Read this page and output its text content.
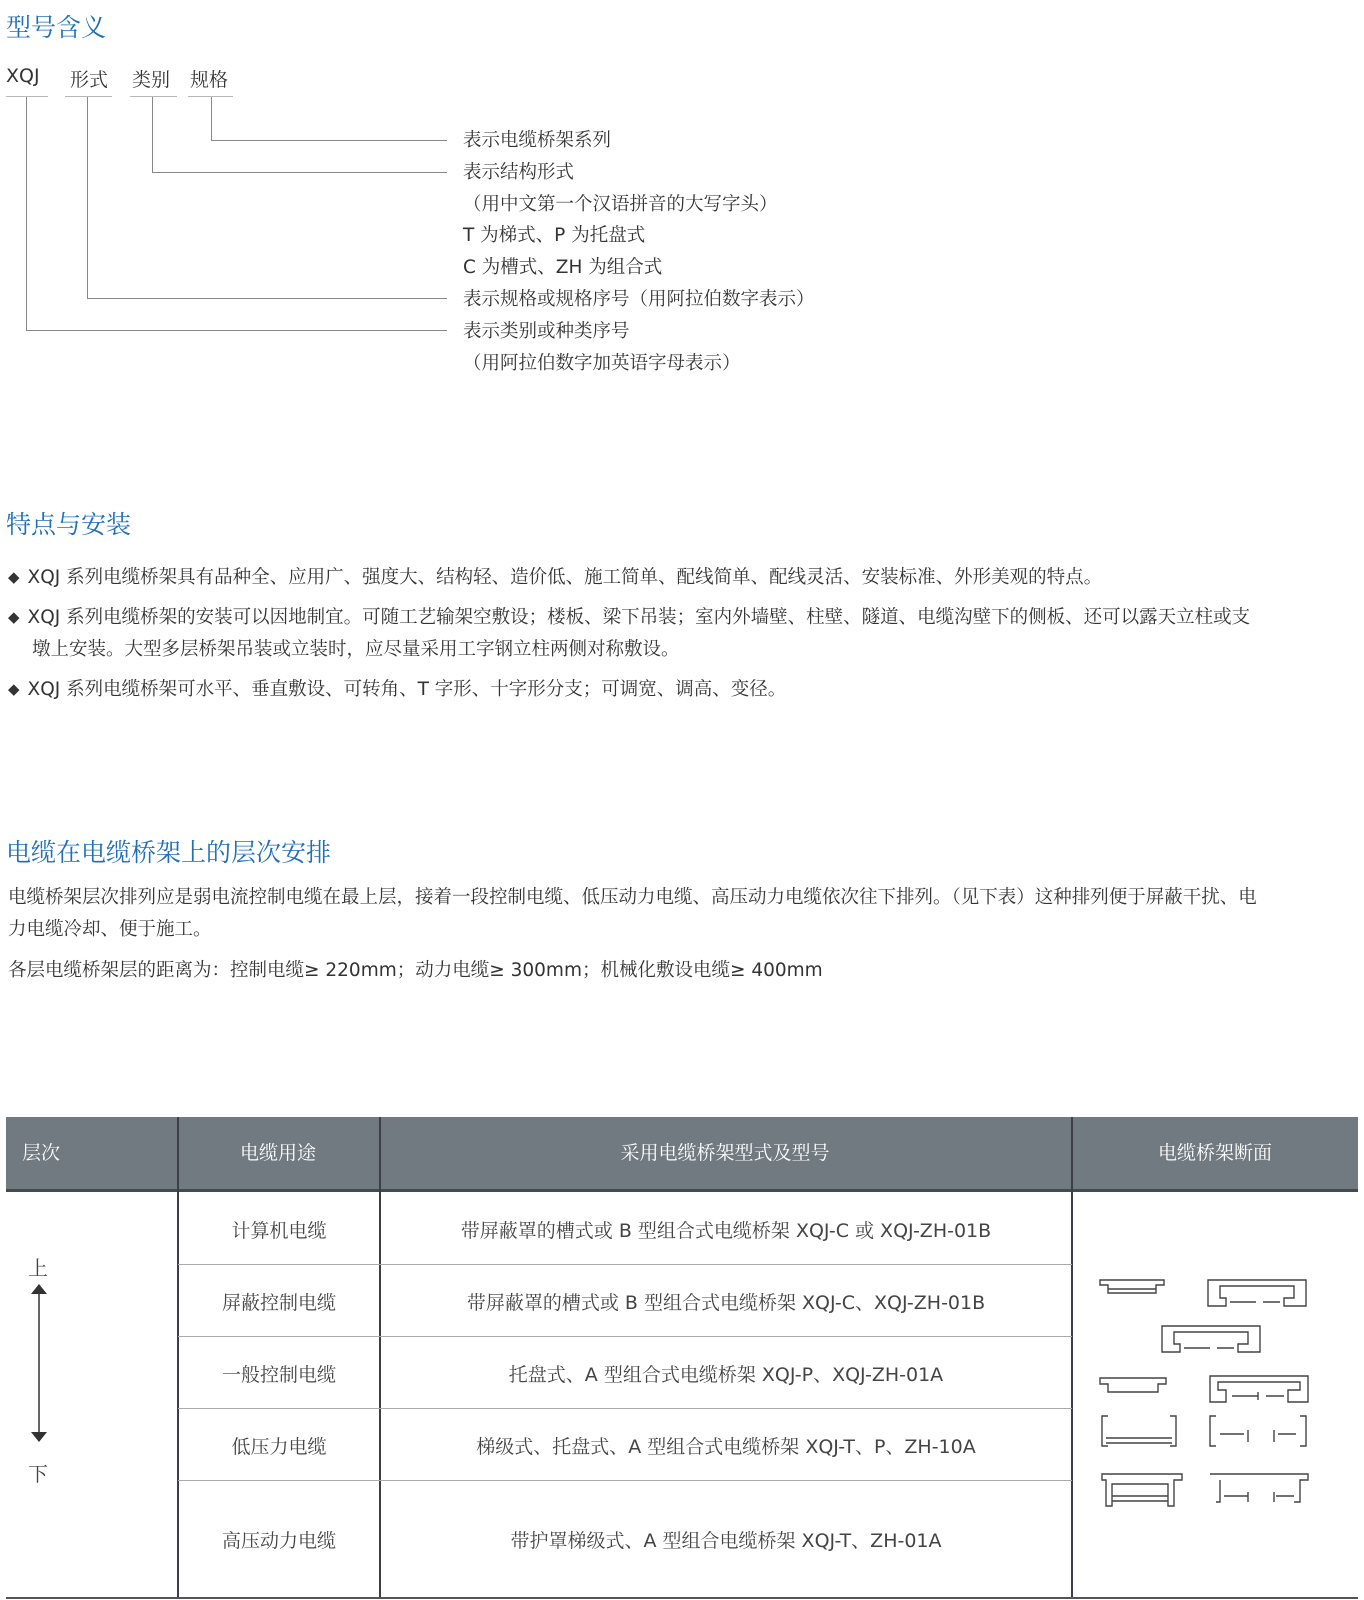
型号含义
XQJ 形式 类别 规格
表示电缆桥架系列
表示结构形式
（用中文第一个汉语拼音的大写字头）
T 为梯式、P 为托盘式
C 为槽式、ZH 为组合式
表示规格或规格序号（用阿拉伯数字表示）
表示类别或种类序号
（用阿拉伯数字加英语字母表示）
特点与安装
◆ XQJ 系列电缆桥架具有品种全、应用广、强度大、结构轻、造价低、施工简单、配线简单、配线灵活、安装标准、外形美观的特点。
◆ XQJ 系列电缆桥架的安装可以因地制宜。可随工艺输架空敷设；楼板、梁下吊装；室内外墙壁、柱壁、隧道、电缆沟壁下的侧板、还可以露天立柱或支
墩上安装。大型多层桥架吊装或立装时，应尽量采用工字钢立柱两侧对称敷设。
◆ XQJ 系列电缆桥架可水平、垂直敷设、可转角、T 字形、十字形分支；可调宽、调高、变径。
电缆在电缆桥架上的层次安排
电缆桥架层次排列应是弱电流控制电缆在最上层，接着一段控制电缆、低压动力电缆、高压动力电缆依次往下排列。（见下表）这种排列便于屏蔽干扰、电
力电缆冷却、便于施工。
各层电缆桥架层的距离为：控制电缆≥ 220mm；动力电缆≥ 300mm；机械化敷设电缆≥ 400mm
层次	电缆用途	采用电缆桥架型式及型号	电缆桥架断面
上
下
计算机电缆	带屏蔽罩的槽式或 B 型组合式电缆桥架 XQJ-C 或 XQJ-ZH-01B
屏蔽控制电缆	带屏蔽罩的槽式或 B 型组合式电缆桥架 XQJ-C、XQJ-ZH-01B
一般控制电缆	托盘式、A 型组合式电缆桥架 XQJ-P、XQJ-ZH-01A
低压力电缆	梯级式、托盘式、A 型组合式电缆桥架 XQJ-T、P、ZH-10A
高压动力电缆	带护罩梯级式、A 型组合电缆桥架 XQJ-T、ZH-01A
